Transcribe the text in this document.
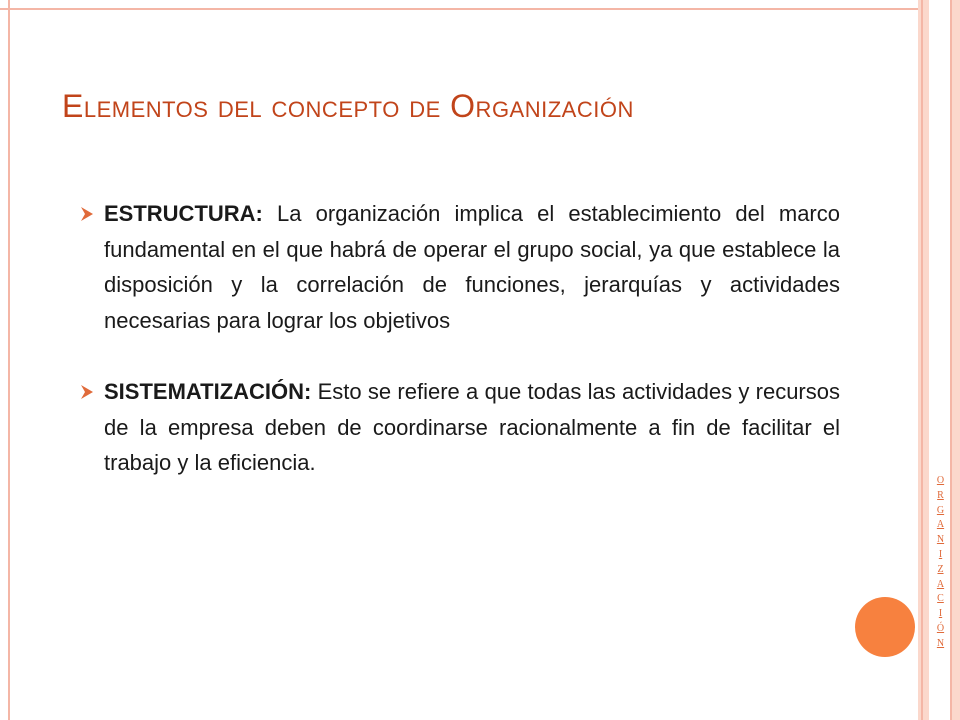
O
R
G
A
N
I
Z
A
C
I
Ó
N
Elementos del concepto de Organización

ESTRUCTURA: La organización implica el establecimiento del marco fundamental en el que habrá de operar el grupo social, ya que establece la disposición y la correlación de funciones, jerarquías y actividades necesarias para lograr los objetivos

SISTEMATIZACIÓN: Esto se refiere a que todas las actividades y recursos de la empresa deben de coordinarse racionalmente a fin de facilitar el trabajo y la eficiencia.
